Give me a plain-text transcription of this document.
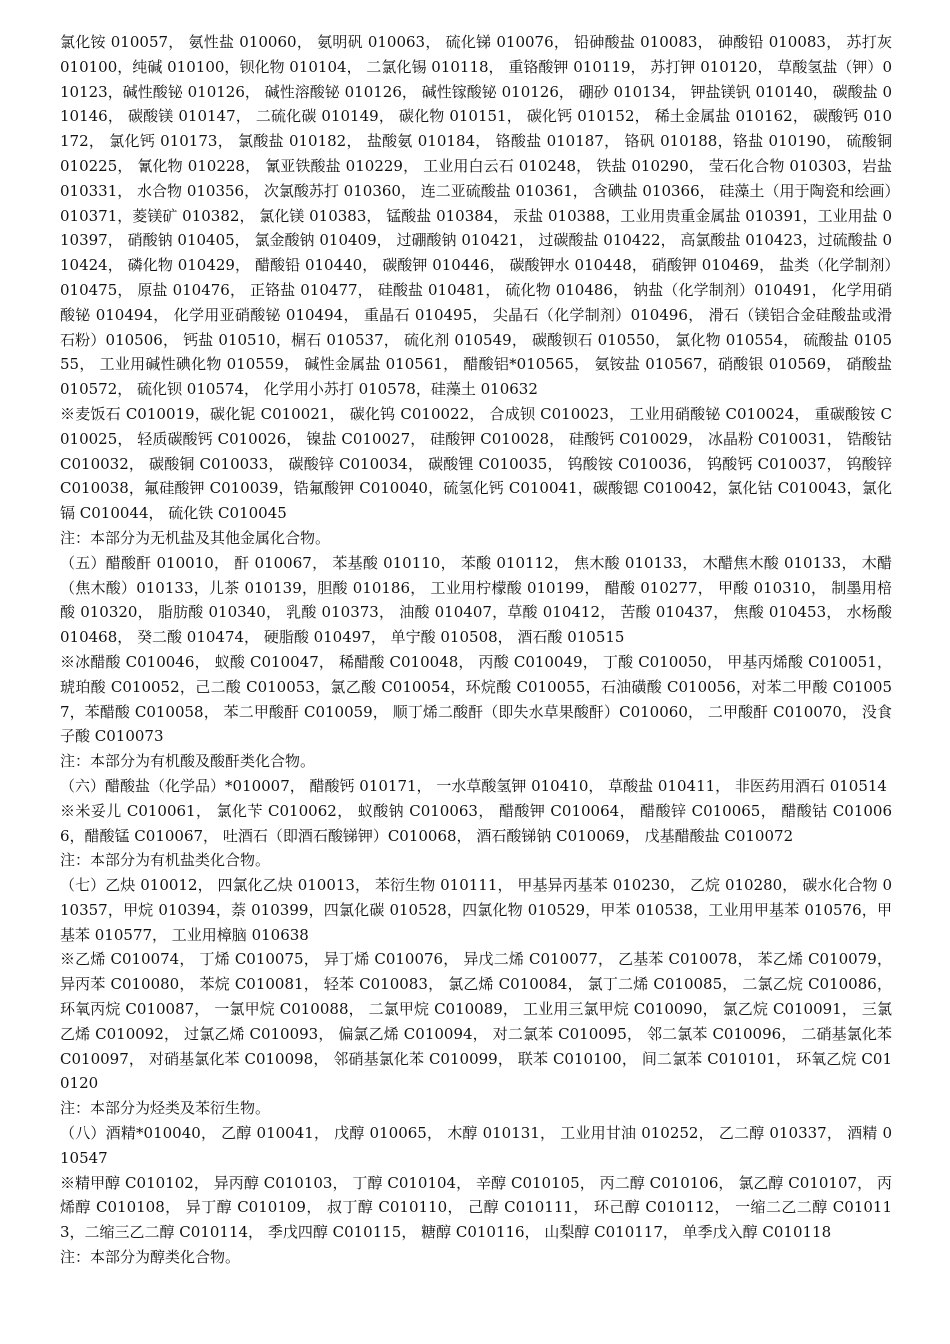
氯化铵 010057， 氨性盐 010060， 氨明矾 010063， 硫化锑 010076， 铅砷酸盐 010083， 砷酸铅 010083， 苏打灰 010100，纯碱 010100，钡化物 010104， 二氯化锡 010118， 重铬酸钾 010119， 苏打钾 010120， 草酸氢盐（钾）010123，碱性酸铋 010126， 碱性溶酸铋 010126， 碱性镓酸铋 010126， 硼砂 010134， 钾盐镁钒 010140， 碳酸盐 010146， 碳酸镁 010147， 二硫化碳 010149， 碳化物 010151， 碳化钙 010152， 稀土金属盐 010162， 碳酸钙 010172， 氯化钙 010173， 氯酸盐 010182， 盐酸氨 010184， 铬酸盐 010187， 铬矾 010188，铬盐 010190， 硫酸铜 010225， 氰化物 010228， 氰亚铁酸盐 010229， 工业用白云石 010248， 铁盐 010290， 莹石化合物 010303，岩盐 010331， 水合物 010356， 次氯酸苏打 010360， 连二亚硫酸盐 010361， 含碘盐 010366， 硅藻土（用于陶瓷和绘画）010371，菱镁矿 010382， 氯化镁 010383， 锰酸盐 010384， 汞盐 010388，工业用贵重金属盐 010391，工业用盐 010397， 硝酸钠 010405， 氯金酸钠 010409， 过硼酸钠 010421， 过碳酸盐 010422， 高氯酸盐 010423，过硫酸盐 010424， 磷化物 010429， 醋酸铅 010440， 碳酸钾 010446， 碳酸钾水 010448， 硝酸钾 010469， 盐类（化学制剂）010475， 原盐 010476， 正铬盐 010477， 硅酸盐 010481， 硫化物 010486， 钠盐（化学制剂）010491， 化学用硝酸铋 010494， 化学用亚硝酸铋 010494， 重晶石 010495， 尖晶石（化学制剂）010496， 滑石（镁铝合金硅酸盐或滑石粉）010506， 钙盐 010510，榍石 010537， 硫化剂 010549， 碳酸钡石 010550， 氯化物 010554， 硫酸盐 010555， 工业用碱性碘化物 010559， 碱性金属盐 010561， 醋酸铝*010565， 氨铵盐 010567，硝酸银 010569， 硝酸盐 010572， 硫化钡 010574， 化学用小苏打 010578，硅藻土 010632

※麦饭石 C010019，碳化铌 C010021， 碳化钨 C010022， 合成钡 C010023， 工业用硝酸铋 C010024， 重碳酸铵 C010025， 轻质碳酸钙 C010026， 镍盐 C010027， 硅酸钾 C010028， 硅酸钙 C010029， 冰晶粉 C010031， 锆酸钴 C010032， 碳酸铜 C010033， 碳酸锌 C010034， 碳酸锂 C010035， 钨酸铵 C010036， 钨酸钙 C010037， 钨酸锌 C010038，氟硅酸钾 C010039，锆氟酸钾 C010040，硫氢化钙 C010041，碳酸锶 C010042，氯化钴 C010043，氯化镉 C010044， 硫化铁 C010045

注：本部分为无机盐及其他金属化合物。

（五）醋酸酐 010010， 酐 010067， 苯基酸 010110， 苯酸 010112， 焦木酸 010133， 木醋焦木酸 010133， 木醋（焦木酸）010133，儿茶 010139，胆酸 010186， 工业用柠檬酸 010199， 醋酸 010277， 甲酸 010310， 制墨用棓酸 010320， 脂肪酸 010340， 乳酸 010373， 油酸 010407，草酸 010412， 苦酸 010437， 焦酸 010453， 水杨酸 010468， 癸二酸 010474， 硬脂酸 010497， 单宁酸 010508， 酒石酸 010515

※冰醋酸 C010046， 蚁酸 C010047， 稀醋酸 C010048， 丙酸 C010049， 丁酸 C010050， 甲基丙烯酸 C010051，琥珀酸 C010052，己二酸 C010053，氯乙酸 C010054，环烷酸 C010055，石油磺酸 C010056，对苯二甲酸 C010057，苯醋酸 C010058， 苯二甲酸酐 C010059， 顺丁烯二酸酐（即失水草果酸酐）C010060， 二甲酸酐 C010070， 没食子酸 C010073

注：本部分为有机酸及酸酐类化合物。

（六）醋酸盐（化学品）*010007， 醋酸钙 010171， 一水草酸氢钾 010410， 草酸盐 010411， 非医药用酒石 010514

※米妥儿 C010061， 氯化苄 C010062， 蚁酸钠 C010063， 醋酸钾 C010064， 醋酸锌 C010065， 醋酸钴 C010066，醋酸锰 C010067， 吐酒石（即酒石酸锑钾）C010068， 酒石酸锑钠 C010069， 戊基醋酸盐 C010072

注：本部分为有机盐类化合物。

（七）乙炔 010012， 四氯化乙炔 010013， 苯衍生物 010111， 甲基异丙基苯 010230， 乙烷 010280， 碳水化合物 010357，甲烷 010394，萘 010399，四氯化碳 010528，四氯化物 010529，甲苯 010538，工业用甲基苯 010576，甲基苯 010577， 工业用樟脑 010638

※乙烯 C010074， 丁烯 C010075， 异丁烯 C010076， 异戊二烯 C010077， 乙基苯 C010078， 苯乙烯 C010079，异丙苯 C010080， 苯烷 C010081， 轻苯 C010083， 氯乙烯 C010084， 氯丁二烯 C010085， 二氯乙烷 C010086，环氧丙烷 C010087， 一氯甲烷 C010088， 二氯甲烷 C010089， 工业用三氯甲烷 C010090， 氯乙烷 C010091， 三氯乙烯 C010092， 过氯乙烯 C010093， 偏氯乙烯 C010094， 对二氯苯 C010095， 邻二氯苯 C010096， 二硝基氯化苯 C010097， 对硝基氯化苯 C010098， 邻硝基氯化苯 C010099， 联苯 C010100， 间二氯苯 C010101， 环氧乙烷 C010120

注：本部分为烃类及苯衍生物。

（八）酒精*010040， 乙醇 010041， 戊醇 010065， 木醇 010131， 工业用甘油 010252， 乙二醇 010337， 酒精 010547

※精甲醇 C010102， 异丙醇 C010103， 丁醇 C010104， 辛醇 C010105， 丙二醇 C010106， 氯乙醇 C010107， 丙烯醇 C010108， 异丁醇 C010109， 叔丁醇 C010110， 己醇 C010111， 环己醇 C010112， 一缩二乙二醇 C010113，二缩三乙二醇 C010114， 季戊四醇 C010115， 糖醇 C010116， 山梨醇 C010117， 单季戊入醇 C010118

注：本部分为醇类化合物。
